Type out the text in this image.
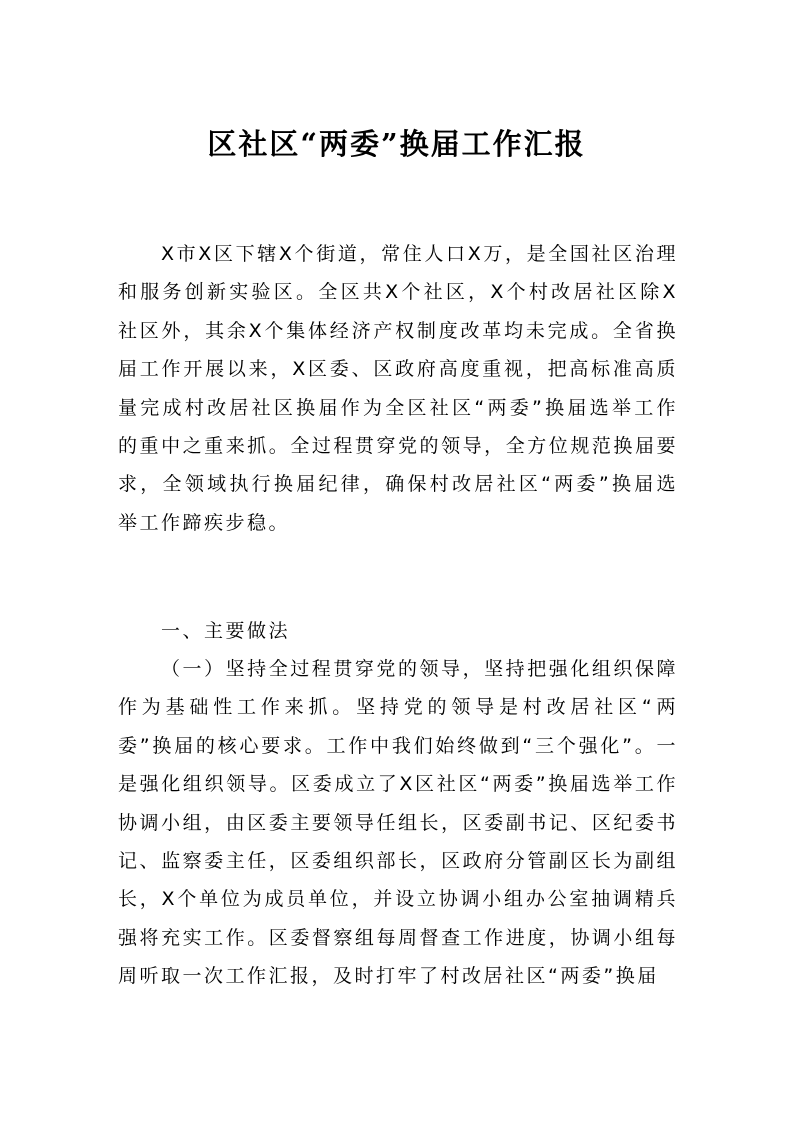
区社区“两委”换届工作汇报

X市X区下辖X个街道，常住人口X万，是全国社区治理和服务创新实验区。全区共X个社区，X个村改居社区除X社区外，其余X个集体经济产权制度改革均未完成。全省换届工作开展以来，X区委、区政府高度重视，把高标准高质量完成村改居社区换届作为全区社区“两委”换届选举工作的重中之重来抓。全过程贯穿党的领导，全方位规范换届要求，全领域执行换届纪律，确保村改居社区“两委”换届选举工作蹄疾步稳。

一、主要做法

（一）坚持全过程贯穿党的领导，坚持把强化组织保障作为基础性工作来抓。坚持党的领导是村改居社区“两委”换届的核心要求。工作中我们始终做到“三个强化”。一是强化组织领导。区委成立了X区社区“两委”换届选举工作协调小组，由区委主要领导任组长，区委副书记、区纪委书记、监察委主任，区委组织部长，区政府分管副区长为副组长，X个单位为成员单位，并设立协调小组办公室抽调精兵强将充实工作。区委督察组每周督查工作进度，协调小组每周听取一次工作汇报，及时打牢了村改居社区“两委”换届
